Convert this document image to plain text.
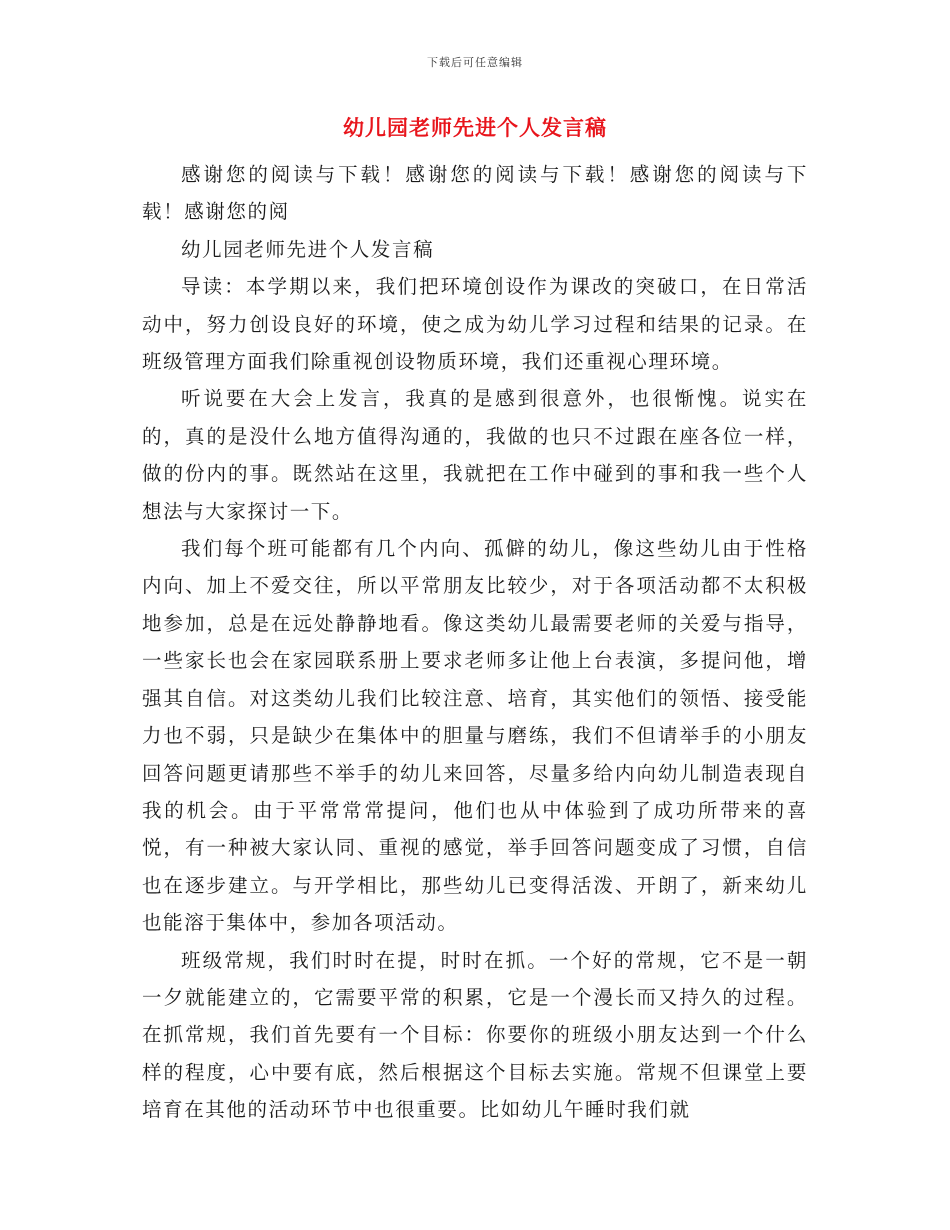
下载后可任意编辑
幼儿园老师先进个人发言稿

感谢您的阅读与下载！感谢您的阅读与下载！感谢您的阅读与下载！感谢您的阅

幼儿园老师先进个人发言稿

导读：本学期以来，我们把环境创设作为课改的突破口，在日常活动中，努力创设良好的环境，使之成为幼儿学习过程和结果的记录。在班级管理方面我们除重视创设物质环境，我们还重视心理环境。

听说要在大会上发言，我真的是感到很意外，也很惭愧。说实在的，真的是没什么地方值得沟通的，我做的也只不过跟在座各位一样，做的份内的事。既然站在这里，我就把在工作中碰到的事和我一些个人想法与大家探讨一下。

我们每个班可能都有几个内向、孤僻的幼儿，像这些幼儿由于性格内向、加上不爱交往，所以平常朋友比较少，对于各项活动都不太积极地参加，总是在远处静静地看。像这类幼儿最需要老师的关爱与指导，一些家长也会在家园联系册上要求老师多让他上台表演，多提问他，增强其自信。对这类幼儿我们比较注意、培育，其实他们的领悟、接受能力也不弱，只是缺少在集体中的胆量与磨练，我们不但请举手的小朋友回答问题更请那些不举手的幼儿来回答，尽量多给内向幼儿制造表现自我的机会。由于平常常常提问，他们也从中体验到了成功所带来的喜悦，有一种被大家认同、重视的感觉，举手回答问题变成了习惯，自信也在逐步建立。与开学相比，那些幼儿已变得活泼、开朗了，新来幼儿也能溶于集体中，参加各项活动。

班级常规，我们时时在提，时时在抓。一个好的常规，它不是一朝一夕就能建立的，它需要平常的积累，它是一个漫长而又持久的过程。在抓常规，我们首先要有一个目标：你要你的班级小朋友达到一个什么样的程度，心中要有底，然后根据这个目标去实施。常规不但课堂上要培育在其他的活动环节中也很重要。比如幼儿午睡时我们就
